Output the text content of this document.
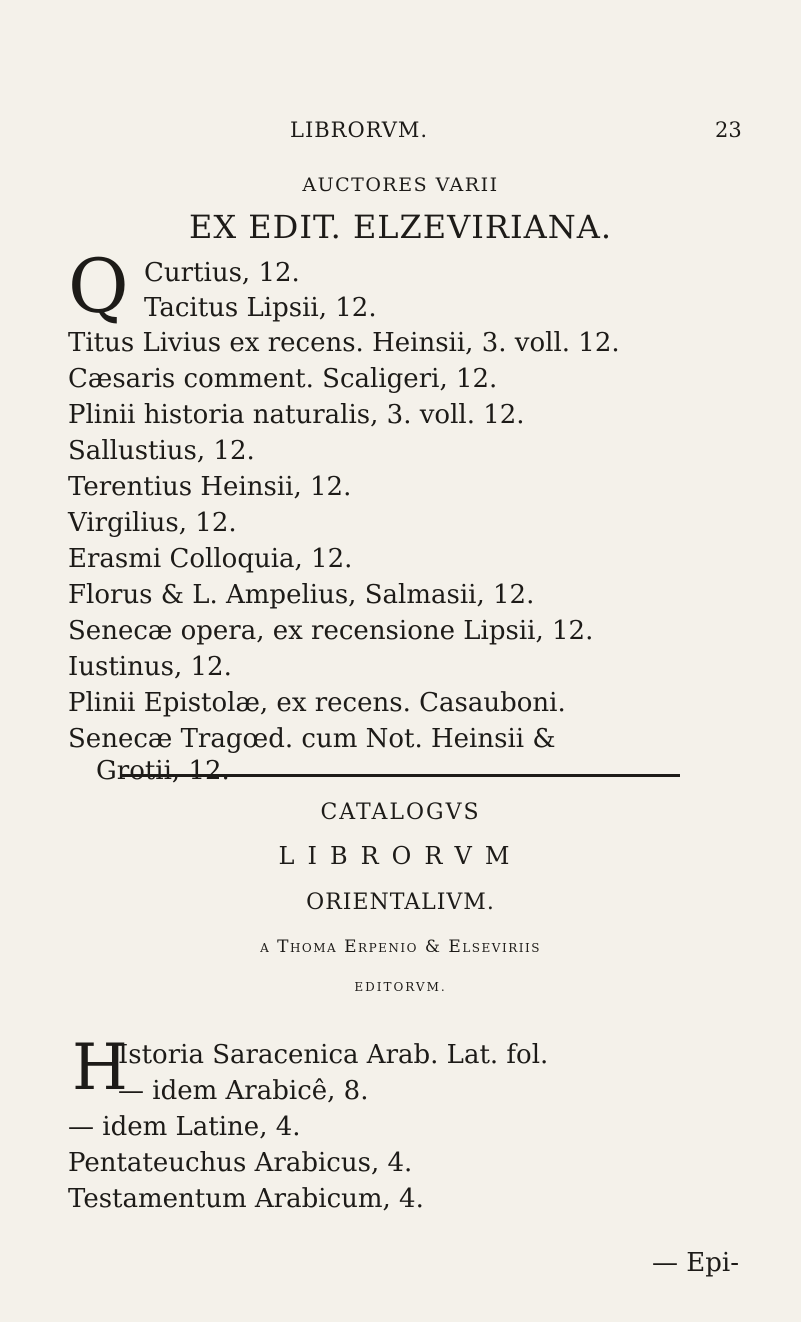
LIBRORVM.	23
AUCTORES VARII
EX EDIT. ELZEVIRIANA.
Q Curtius, 12.
Tacitus Lipsii, 12.
Titus Livius ex recens. Heinsii, 3. voll. 12.
Cæsaris comment. Scaligeri, 12.
Plinii historia naturalis, 3. voll. 12.
Sallustius, 12.
Terentius Heinsii, 12.
Virgilius, 12.
Erasmi Colloquia, 12.
Florus & L. Ampelius, Salmasii, 12.
Senecæ opera, ex recensione Lipsii, 12.
Iustinus, 12.
Plinii Epistolæ, ex recens. Casauboni.
Senecæ Tragœd. cum Not. Heinsii &
Grotii, 12.
CATALOGVS
LIBRORVM
ORIENTALIVM.
a Thoma Erpenio & Elseviriis
EDITORVM.
H
Istoria Saracenica Arab. Lat. fol.
— idem Arabicê, 8.
— idem Latine, 4.
Pentateuchus Arabicus, 4.
Testamentum Arabicum, 4.
— Epi-
